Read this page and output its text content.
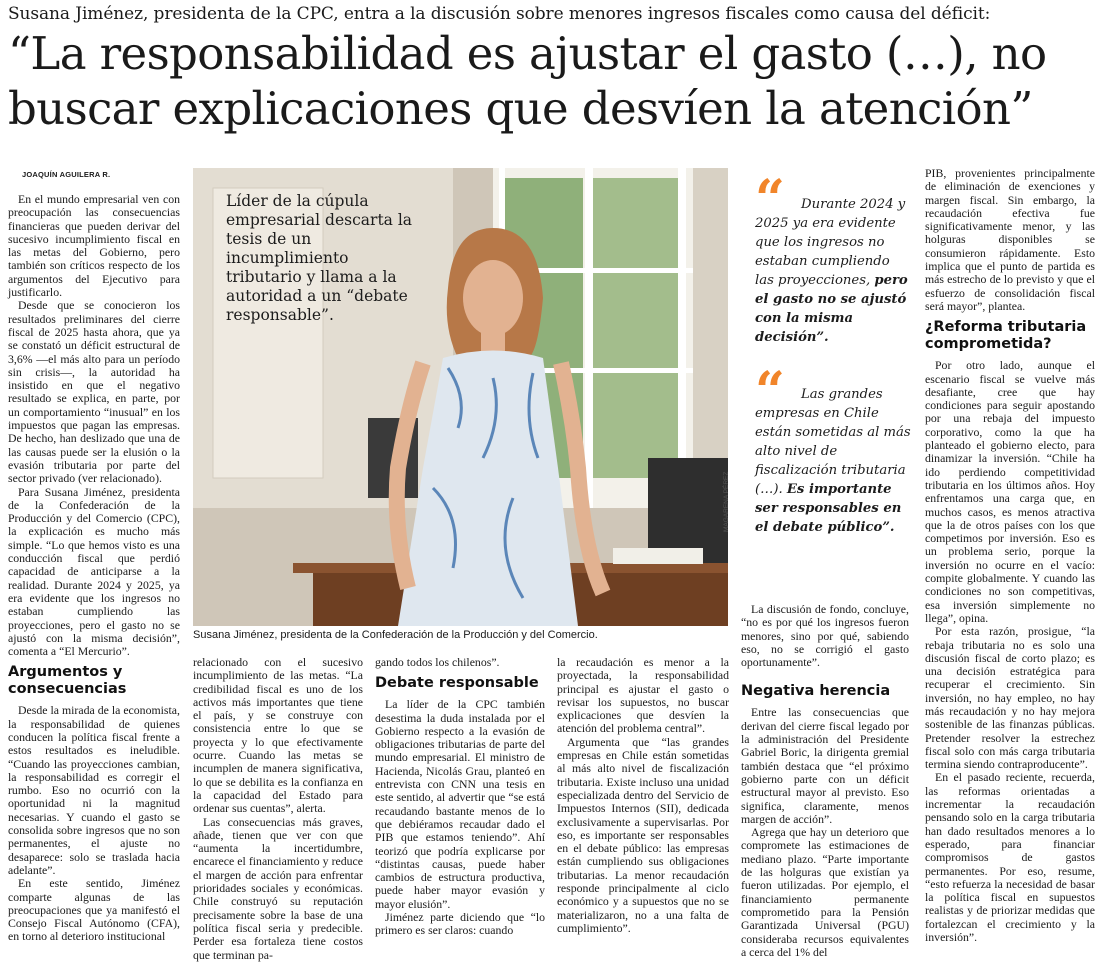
Susana Jiménez, presidenta de la CPC, entra a la discusión sobre menores ingresos fiscales como causa del déficit:
“La responsabilidad es ajustar el gasto (…), no buscar explicaciones que desvíen la atención”
JOAQUÍN AGUILERA R.

En el mundo empresarial ven con preocupación las consecuencias financieras que pueden derivar del sucesivo incumplimiento fiscal en las metas del Gobierno, pero también son críticos respecto de los argumentos del Ejecutivo para justificarlo.

Desde que se conocieron los resultados preliminares del cierre fiscal de 2025 hasta ahora, que ya se constató un déficit estructural de 3,6% —el más alto para un período sin crisis—, la autoridad ha insistido en que el negativo resultado se explica, en parte, por un comportamiento “inusual” en los impuestos que pagan las empresas. De hecho, han deslizado que una de las causas puede ser la elusión o la evasión tributaria por parte del sector privado (ver relacionado).

Para Susana Jiménez, presidenta de la Confederación de la Producción y del Comercio (CPC), la explicación es mucho más simple. “Lo que hemos visto es una conducción fiscal que perdió capacidad de anticiparse a la realidad. Durante 2024 y 2025, ya era evidente que los ingresos no estaban cumpliendo las proyecciones, pero el gasto no se ajustó con la misma decisión”, comenta a “El Mercurio”.

Argumentos y consecuencias

Desde la mirada de la economista, la responsabilidad de quienes conducen la política fiscal frente a estos resultados es ineludible. “Cuando las proyecciones cambian, la responsabilidad es corregir el rumbo. Eso no ocurrió con la oportunidad ni la magnitud necesarias. Y cuando el gasto se consolida sobre ingresos que no son permanentes, el ajuste no desaparece: solo se traslada hacia adelante”.

En este sentido, Jiménez comparte algunas de las preocupaciones que ya manifestó el Consejo Fiscal Autónomo (CFA), en torno al deterioro institucional

Líder de la cúpula empresarial descarta la tesis de un incumplimiento tributario y llama a la autoridad a un “debate responsable”.
MAGARENA PÉREZ
Susana Jiménez, presidenta de la Confederación de la Producción y del Comercio.
“	Durante 2024 y 2025 ya era evidente que los ingresos no estaban cumpliendo las proyecciones, pero el gasto no se ajustó con la misma decisión”.
“	Las grandes empresas en Chile están sometidas al más alto nivel de fiscalización tributaria (…). Es importante ser responsables en el debate público”.

relacionado con el sucesivo incumplimiento de las metas. “La credibilidad fiscal es uno de los activos más importantes que tiene el país, y se construye con consistencia entre lo que se proyecta y lo que efectivamente ocurre. Cuando las metas se incumplen de manera significativa, lo que se debilita es la confianza en la capacidad del Estado para ordenar sus cuentas”, alerta.

Las consecuencias más graves, añade, tienen que ver con que “aumenta la incertidumbre, encarece el financiamiento y reduce el margen de acción para enfrentar prioridades sociales y económicas. Chile construyó su reputación precisamente sobre la base de una política fiscal seria y predecible. Perder esa fortaleza tiene costos que terminan pa-

gando todos los chilenos”.

Debate responsable

La líder de la CPC también desestima la duda instalada por el Gobierno respecto a la evasión de obligaciones tributarias de parte del mundo empresarial. El ministro de Hacienda, Nicolás Grau, planteó en entrevista con CNN una tesis en este sentido, al advertir que “se está recaudando bastante menos de lo que debiéramos recaudar dado el PIB que estamos teniendo”. Ahí teorizó que podría explicarse por “distintas causas, puede haber cambios de estructura productiva, puede haber mayor evasión y mayor elusión”.

Jiménez parte diciendo que “lo primero es ser claros: cuando

la recaudación es menor a la proyectada, la responsabilidad principal es ajustar el gasto o revisar los supuestos, no buscar explicaciones que desvíen la atención del problema central”.

Argumenta que “las grandes empresas en Chile están sometidas al más alto nivel de fiscalización tributaria. Existe incluso una unidad especializada dentro del Servicio de Impuestos Internos (SII), dedicada exclusivamente a supervisarlas. Por eso, es importante ser responsables en el debate público: las empresas están cumpliendo sus obligaciones tributarias. La menor recaudación responde principalmente al ciclo económico y a supuestos que no se materializaron, no a una falta de cumplimiento”.

La discusión de fondo, concluye, “no es por qué los ingresos fueron menores, sino por qué, sabiendo eso, no se corrigió el gasto oportunamente”.

Negativa herencia

Entre las consecuencias que derivan del cierre fiscal legado por la administración del Presidente Gabriel Boric, la dirigenta gremial también destaca que “el próximo gobierno parte con un déficit estructural mayor al previsto. Eso significa, claramente, menos margen de acción”.

Agrega que hay un deterioro que compromete las estimaciones de mediano plazo. “Parte importante de las holguras que existían ya fueron utilizadas. Por ejemplo, el financiamiento permanente comprometido para la Pensión Garantizada Universal (PGU) consideraba recursos equivalentes a cerca del 1% del

PIB, provenientes principalmente de eliminación de exenciones y margen fiscal. Sin embargo, la recaudación efectiva fue significativamente menor, y las holguras disponibles se consumieron rápidamente. Esto implica que el punto de partida es más estrecho de lo previsto y que el esfuerzo de consolidación fiscal será mayor”, plantea.

¿Reforma tributaria comprometida?

Por otro lado, aunque el escenario fiscal se vuelve más desafiante, cree que hay condiciones para seguir apostando por una rebaja del impuesto corporativo, como la que ha planteado el gobierno electo, para dinamizar la inversión. “Chile ha ido perdiendo competitividad tributaria en los últimos años. Hoy enfrentamos una carga que, en muchos casos, es menos atractiva que la de otros países con los que competimos por inversión. Eso es un problema serio, porque la inversión no ocurre en el vacío: compite globalmente. Y cuando las condiciones no son competitivas, esa inversión simplemente no llega”, opina.

Por esta razón, prosigue, “la rebaja tributaria no es solo una discusión fiscal de corto plazo; es una decisión estratégica para recuperar el crecimiento. Sin inversión, no hay empleo, no hay más recaudación y no hay mejora sostenible de las finanzas públicas. Pretender resolver la estrechez fiscal solo con más carga tributaria termina siendo contraproducente”.

En el pasado reciente, recuerda, las reformas orientadas a incrementar la recaudación pensando solo en la carga tributaria han dado resultados menores a lo esperado, para financiar compromisos de gastos permanentes. Por eso, resume, “esto refuerza la necesidad de basar la política fiscal en supuestos realistas y de priorizar medidas que fortalezcan el crecimiento y la inversión”.
